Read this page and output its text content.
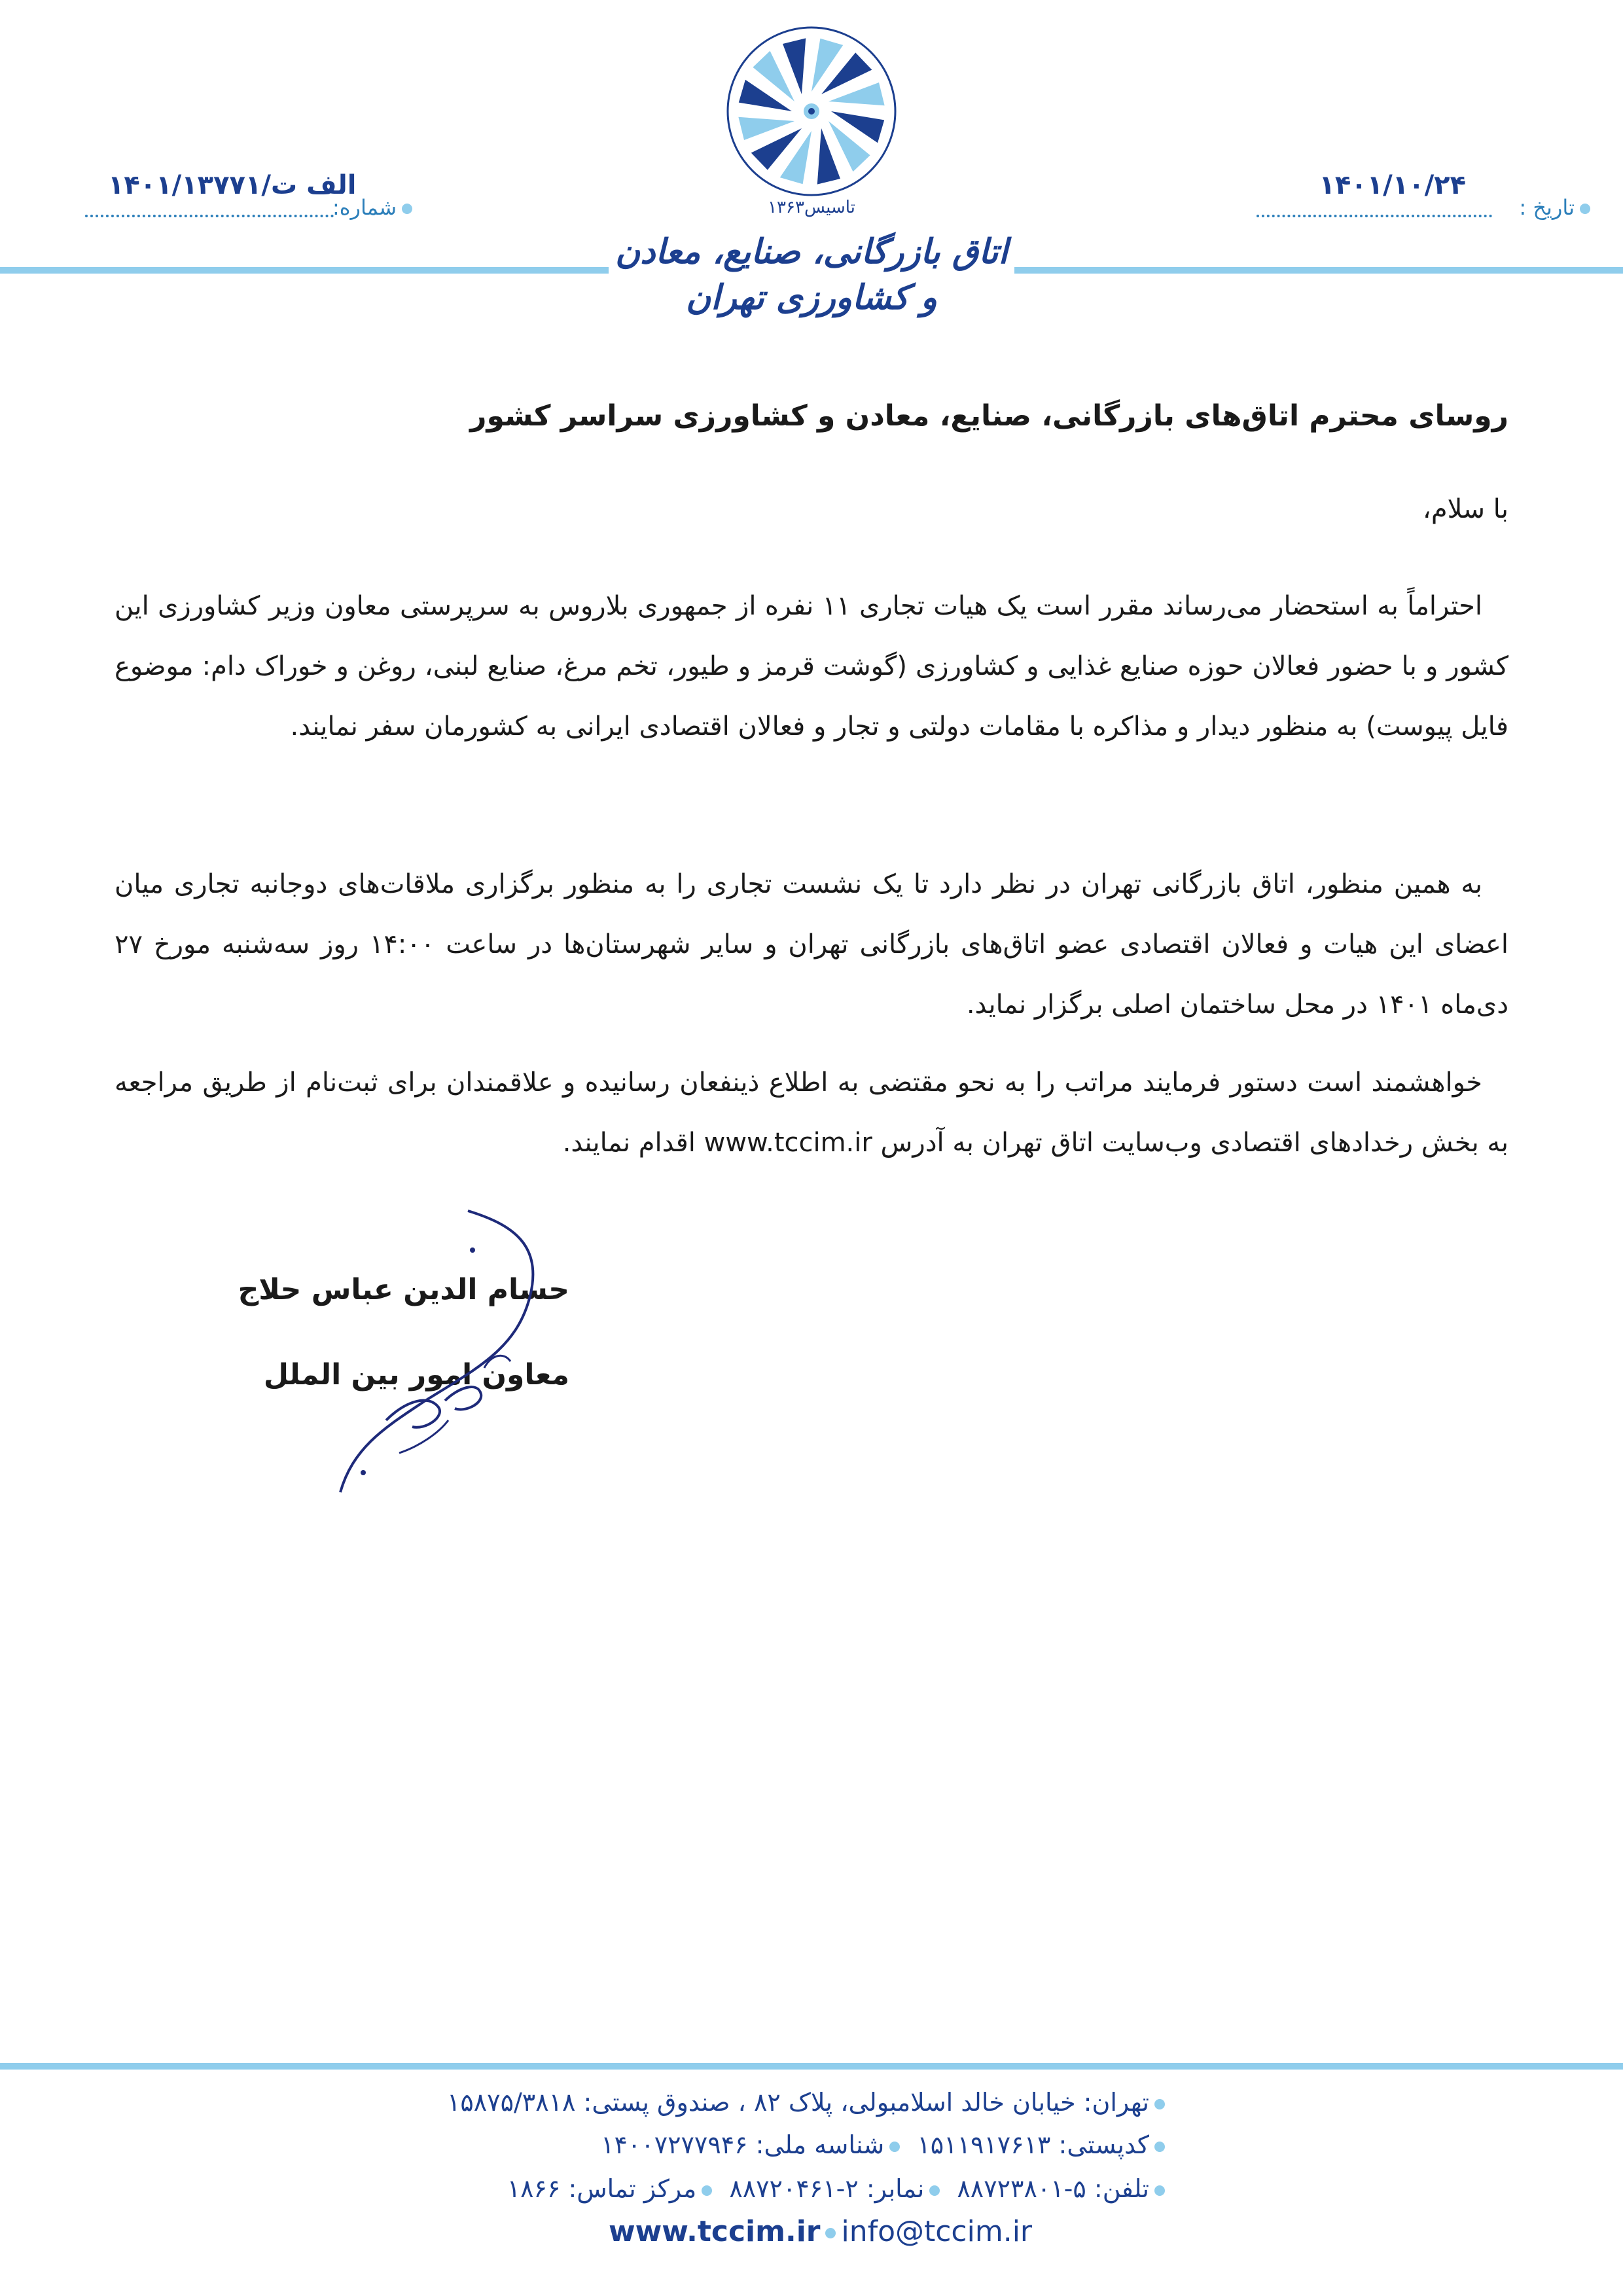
تاسیس۱۳۶۳
اتاق بازرگانی، صنایع، معادن و کشاورزی تهران
۱۴۰۱/۱۰/۲۴
تاریخ :
۱۴۰۱/۱۳۷۷۱/الف ت
شماره:
روسای محترم اتاق‌های بازرگانی، صنایع، معادن و کشاورزی سراسر کشور
با سلام،

احتراماً به استحضار می‌رساند مقرر است یک هیات تجاری ۱۱ نفره از جمهوری بلاروس به سرپرستی معاون وزیر کشاورزی این کشور و با حضور فعالان حوزه صنایع غذایی و کشاورزی (گوشت قرمز و طیور، تخم مرغ، صنایع لبنی، روغن و خوراک دام: موضوع فایل پیوست) به منظور دیدار و مذاکره با مقامات دولتی و تجار و فعالان اقتصادی ایرانی به کشورمان سفر نمایند.

به همین منظور، اتاق بازرگانی تهران در نظر دارد تا یک نشست تجاری را به منظور برگزاری ملاقات‌های دوجانبه تجاری میان اعضای این هیات و فعالان اقتصادی عضو اتاق‌های بازرگانی تهران و سایر شهرستان‌ها در ساعت ۱۴:۰۰ روز سه‌شنبه مورخ ۲۷ دی‌ماه ۱۴۰۱ در محل ساختمان اصلی برگزار نماید.

خواهشمند است دستور فرمایند مراتب را به نحو مقتضی به اطلاع ذینفعان رسانیده و علاقمندان برای ثبت‌نام از طریق مراجعه به بخش رخدادهای اقتصادی وب‌سایت اتاق تهران به آدرس www.tccim.ir اقدام نمایند.

حسام الدین عباس حلاج
معاون امور بین الملل
تهران: خیابان خالد اسلامبولی، پلاک ۸۲ ، صندوق پستی: ۱۵۸۷۵/۳۸۱۸
کدپستی: ۱۵۱۱۹۱۷۶۱۳ شناسه ملی: ۱۴۰۰۷۲۷۷۹۴۶
تلفن: ۵-۸۸۷۲۳۸۰۱ نمابر: ۲-۸۸۷۲۰۴۶۱ مرکز تماس: ۱۸۶۶
www.tccim.ir info@tccim.ir
